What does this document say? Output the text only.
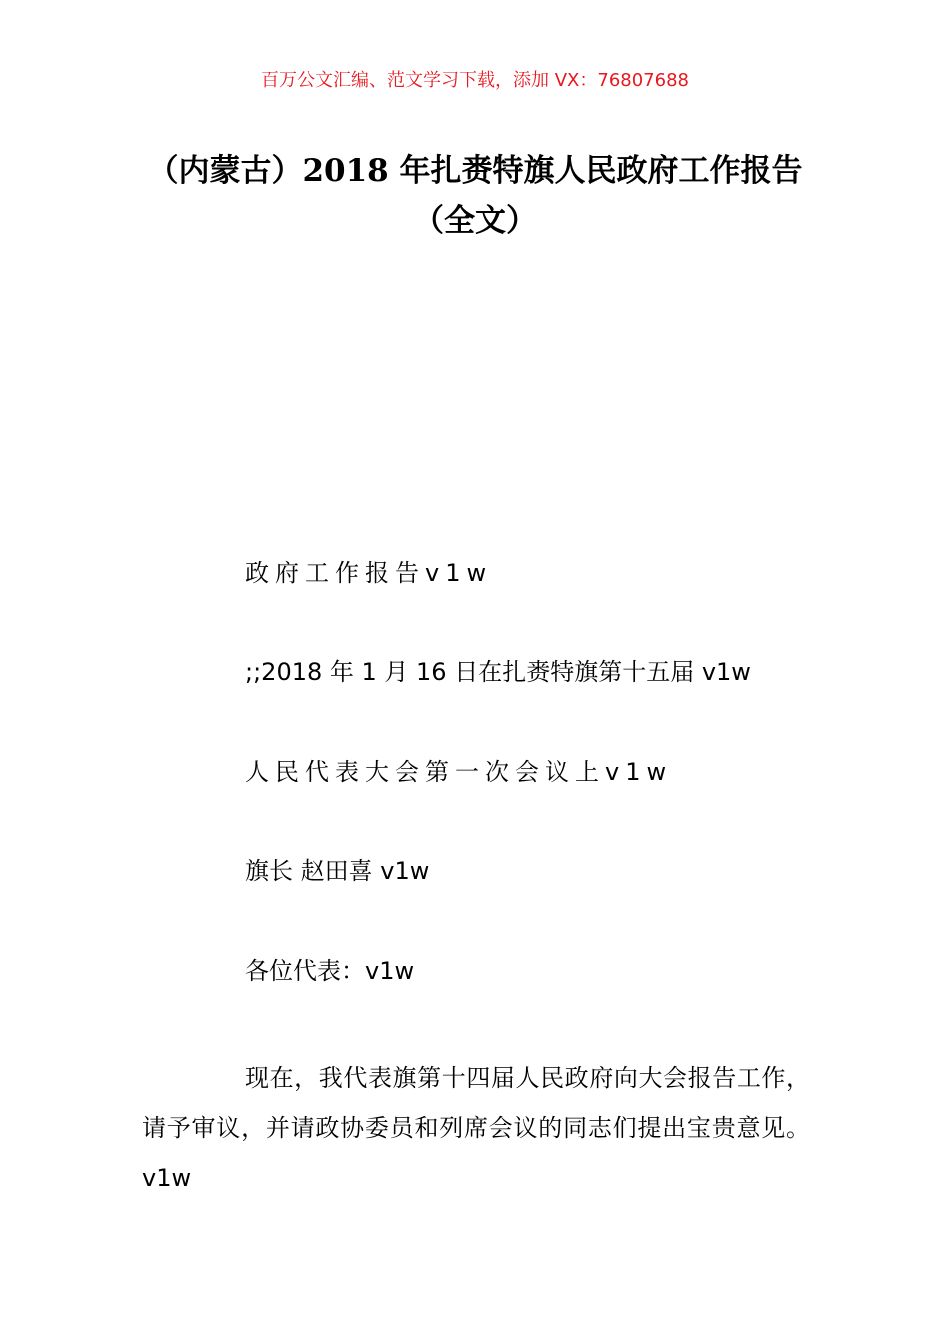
百万公文汇编、范文学习下载，添加 VX：76807688
（内蒙古）2018 年扎赉特旗人民政府工作报告（全文）
政府工作报告v1w
;;2018 年 1 月 16 日在扎赉特旗第十五届 v1w
人民代表大会第一次会议上v1w
旗长 赵田喜 v1w
各位代表：v1w

现在，我代表旗第十四届人民政府向大会报告工作，请予审议，并请政协委员和列席会议的同志们提出宝贵意见。v1w
